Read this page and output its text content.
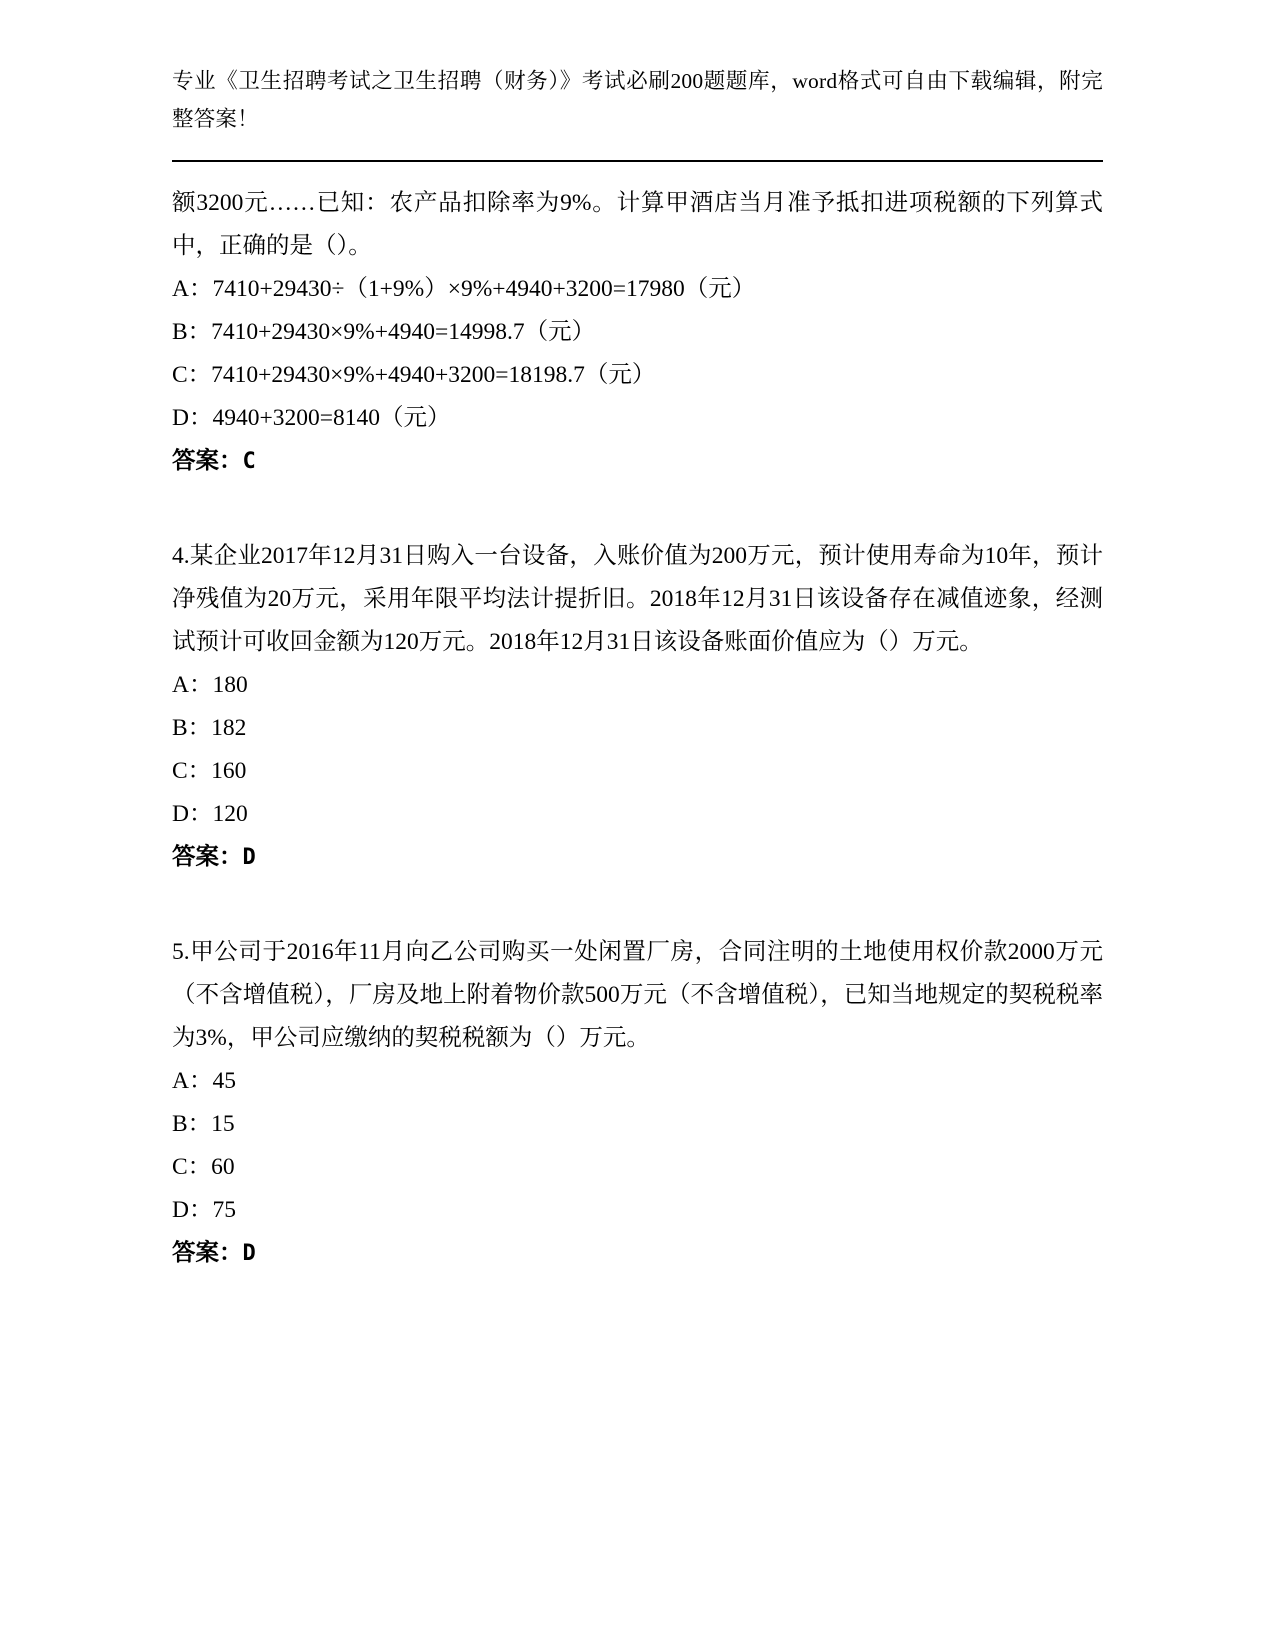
专业《卫生招聘考试之卫生招聘（财务）》考试必刷200题题库，word格式可自由下载编辑，附完整答案！

额3200元……已知：农产品扣除率为9%。计算甲酒店当月准予抵扣进项税额的下列算式中，正确的是（）。

A：7410+29430÷（1+9%）×9%+4940+3200=17980（元）

B：7410+29430×9%+4940=14998.7（元）

C：7410+29430×9%+4940+3200=18198.7（元）

D：4940+3200=8140（元）

答案：C

4.某企业2017年12月31日购入一台设备，入账价值为200万元，预计使用寿命为10年，预计净残值为20万元，采用年限平均法计提折旧。2018年12月31日该设备存在减值迹象，经测试预计可收回金额为120万元。2018年12月31日该设备账面价值应为（）万元。

A：180

B：182

C：160

D：120

答案：D

5.甲公司于2016年11月向乙公司购买一处闲置厂房，合同注明的土地使用权价款2000万元（不含增值税），厂房及地上附着物价款500万元（不含增值税），已知当地规定的契税税率为3%，甲公司应缴纳的契税税额为（）万元。

A：45

B：15

C：60

D：75

答案：D
